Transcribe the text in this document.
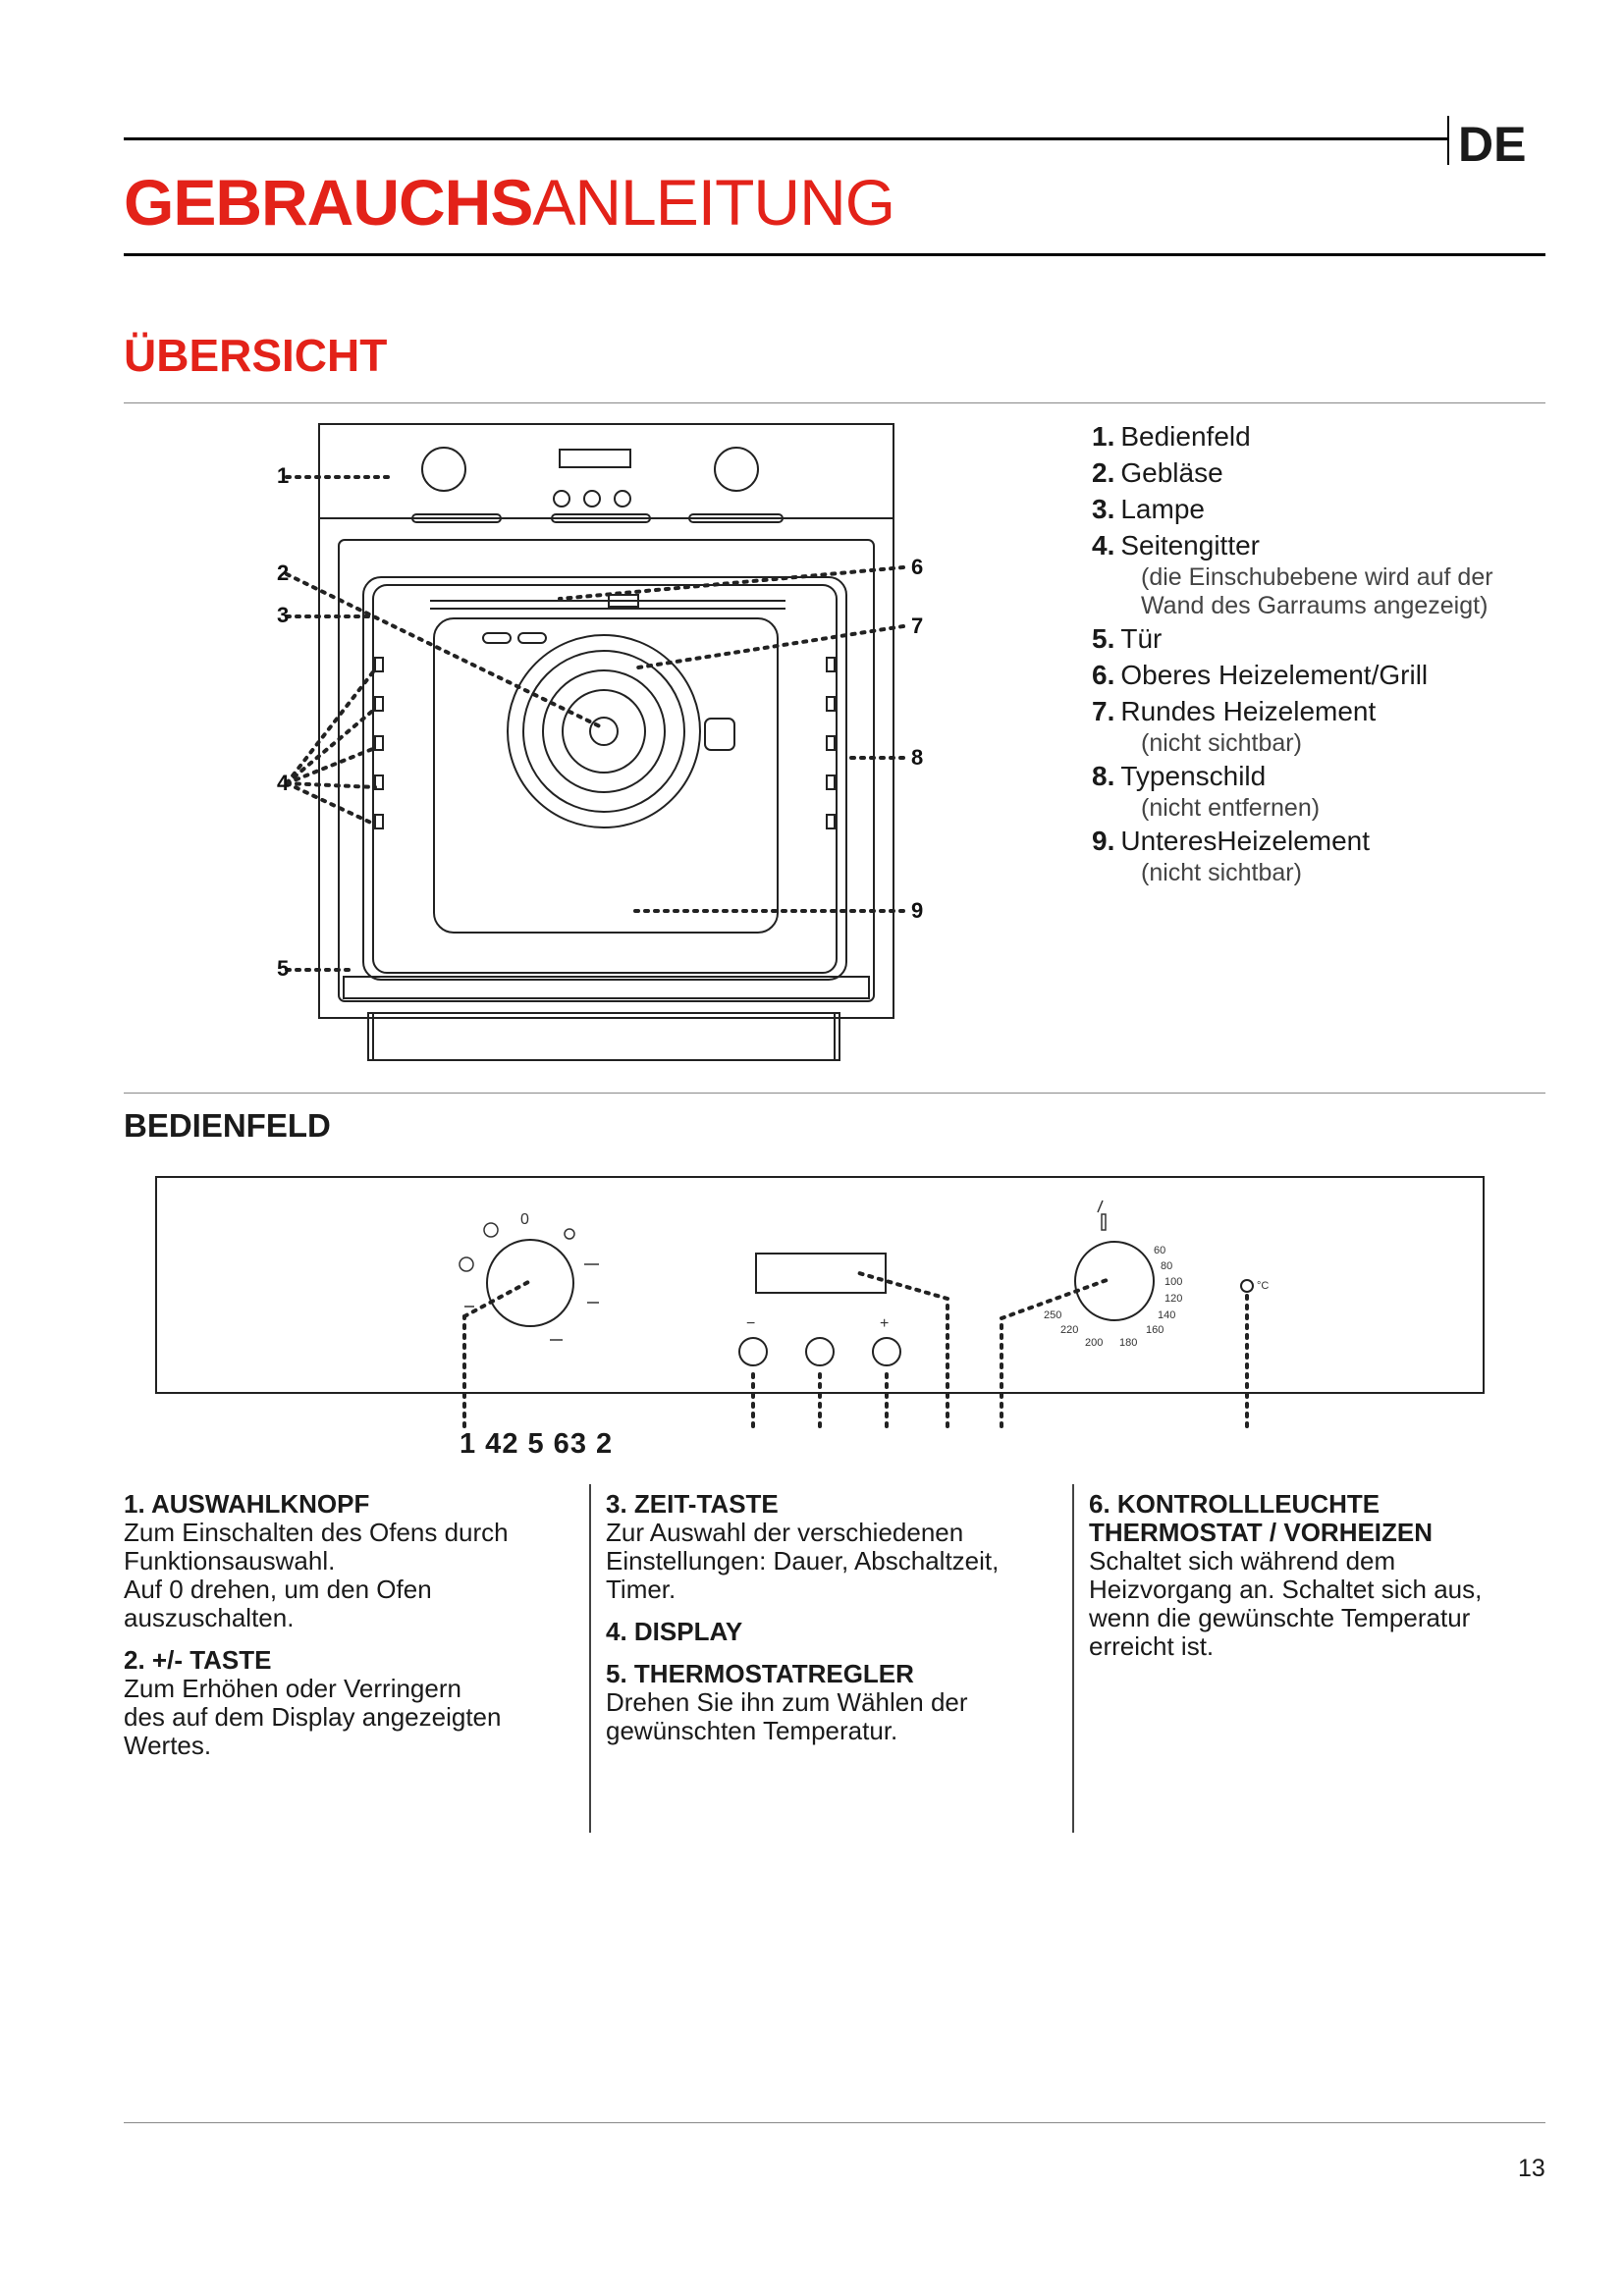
DE
GEBRAUCHSANLEITUNG
ÜBERSICHT
1
2
3
4
5
6
7
8
9
1. Bedienfeld
2. Gebläse
3. Lampe
4. Seitengitter
(die Einschubebene wird auf der
Wand des Garraums angezeigt)
5. Tür
6. Oberes Heizelement/Grill
7. Rundes Heizelement
(nicht sichtbar)
8. Typenschild
(nicht entfernen)
9. UnteresHeizelement
(nicht sichtbar)
BEDIENFELD
0
−	+
60
80
100
120
140
160
180
200
220
250
°C
1 42 5 63 2
1. AUSWAHLKNOPF

Zum Einschalten des Ofens durch
Funktionsauswahl.
Auf 0 drehen, um den Ofen
auszuschalten.

2. +/- TASTE

Zum Erhöhen oder Verringern
des auf dem Display angezeigten
Wertes.

3. ZEIT-TASTE

Zur Auswahl der verschiedenen
Einstellungen: Dauer, Abschaltzeit,
Timer.

4. DISPLAY
5. THERMOSTATREGLER

Drehen Sie ihn zum Wählen der
gewünschten Temperatur.

6. KONTROLLLEUCHTE
THERMOSTAT / VORHEIZEN

Schaltet sich während dem
Heizvorgang an. Schaltet sich aus,
wenn die gewünschte Temperatur
erreicht ist.

13
